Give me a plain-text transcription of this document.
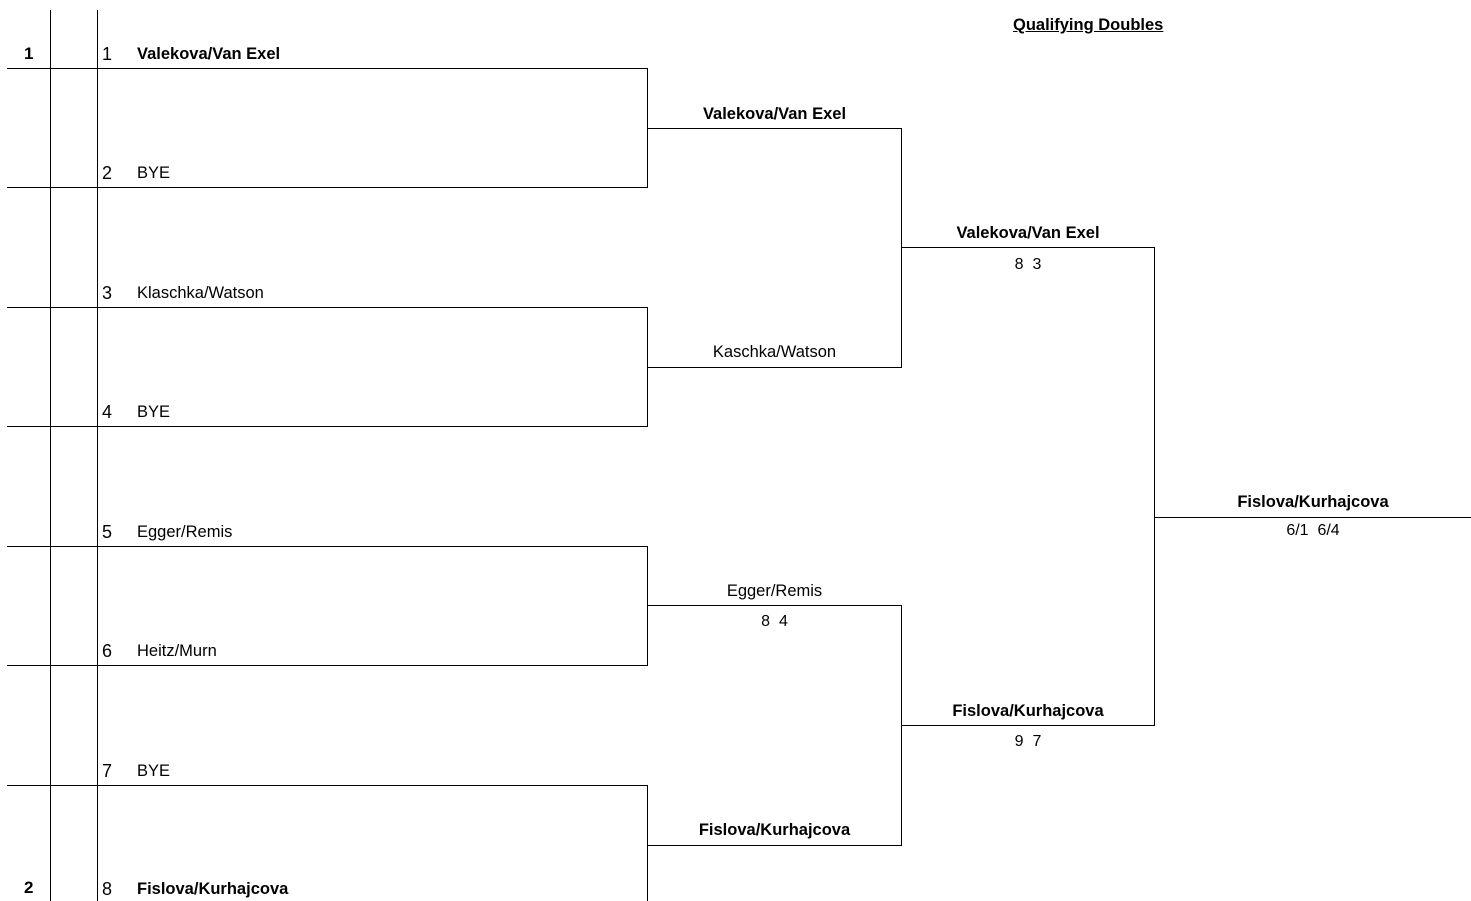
Qualifying Doubles
1
2
1 Valekova/Van Exel
2 BYE
3 Klaschka/Watson
4 BYE
5 Egger/Remis
6 Heitz/Murn
7 BYE
8 Fislova/Kurhajcova
Valekova/Van Exel
Kaschka/Watson
Egger/Remis
8  4
Fislova/Kurhajcova
Valekova/Van Exel
8  3
Fislova/Kurhajcova
9  7
Fislova/Kurhajcova
6/1  6/4
